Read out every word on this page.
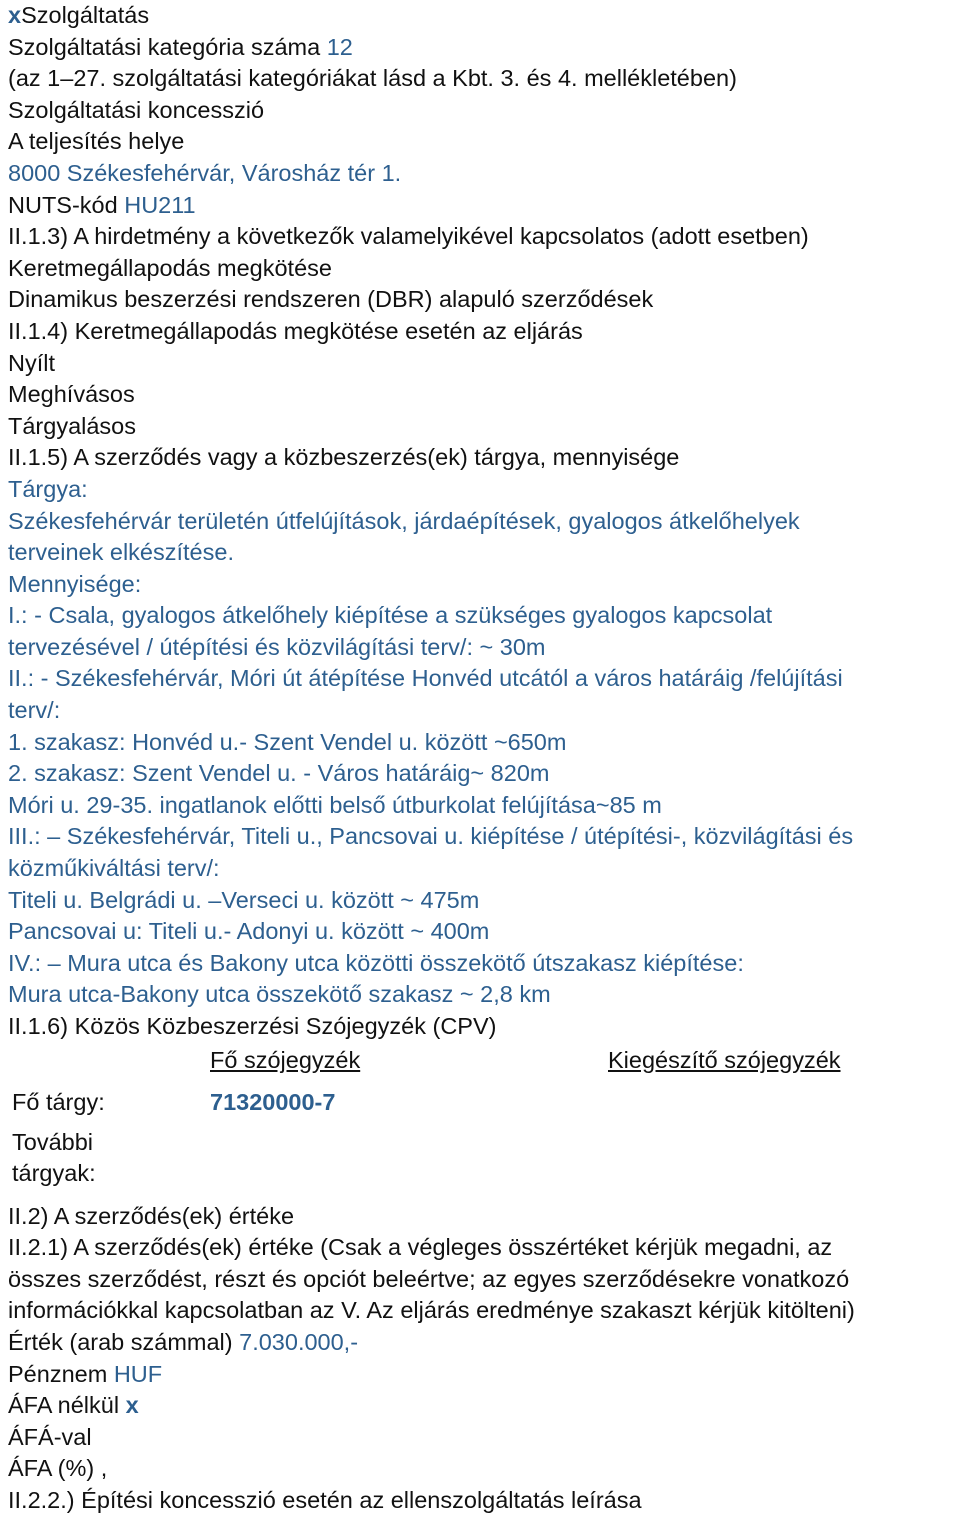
xSzolgáltatás
Szolgáltatási kategória száma 12
(az 1–27. szolgáltatási kategóriákat lásd a Kbt. 3. és 4. mellékletében)
Szolgáltatási koncesszió
A teljesítés helye
8000 Székesfehérvár, Városház tér 1.
NUTS-kód HU211
II.1.3) A hirdetmény a következők valamelyikével kapcsolatos (adott esetben)
Keretmegállapodás megkötése
Dinamikus beszerzési rendszeren (DBR) alapuló szerződések
II.1.4) Keretmegállapodás megkötése esetén az eljárás
Nyílt
Meghívásos
Tárgyalásos
II.1.5) A szerződés vagy a közbeszerzés(ek) tárgya, mennyisége
Tárgya:
Székesfehérvár területén útfelújítások, járdaépítések, gyalogos átkelőhelyek
terveinek elkészítése.
Mennyisége:
I.: - Csala, gyalogos átkelőhely kiépítése a szükséges gyalogos kapcsolat
tervezésével / útépítési és közvilágítási terv/: ~ 30m
II.: - Székesfehérvár, Móri út átépítése Honvéd utcától a város határáig /felújítási
terv/:
1. szakasz: Honvéd u.- Szent Vendel u. között ~650m
2. szakasz: Szent Vendel u. - Város határáig~ 820m
Móri u. 29-35. ingatlanok előtti belső útburkolat felújítása~85 m
III.: – Székesfehérvár, Titeli u., Pancsovai u. kiépítése / útépítési-, közvilágítási és
közműkiváltási terv/:
Titeli u. Belgrádi u. –Verseci u. között ~ 475m
Pancsovai u: Titeli u.- Adonyi u. között ~ 400m
IV.: – Mura utca és Bakony utca közötti összekötő útszakasz kiépítése:
Mura utca-Bakony utca összekötő szakasz ~ 2,8 km
II.1.6) Közös Közbeszerzési Szójegyzék (CPV)
Fő szójegyzék	Kiegészítő szójegyzék
Fő tárgy:	71320000-7
További
tárgyak:
II.2) A szerződés(ek) értéke
II.2.1) A szerződés(ek) értéke (Csak a végleges összértéket kérjük megadni, az
összes szerződést, részt és opciót beleértve; az egyes szerződésekre vonatkozó
információkkal kapcsolatban az V. Az eljárás eredménye szakaszt kérjük kitölteni)
Érték (arab számmal) 7.030.000,-
Pénznem HUF
ÁFA nélkül x
ÁFÁ-val
ÁFA (%) ,
II.2.2.) Építési koncesszió esetén az ellenszolgáltatás leírása
